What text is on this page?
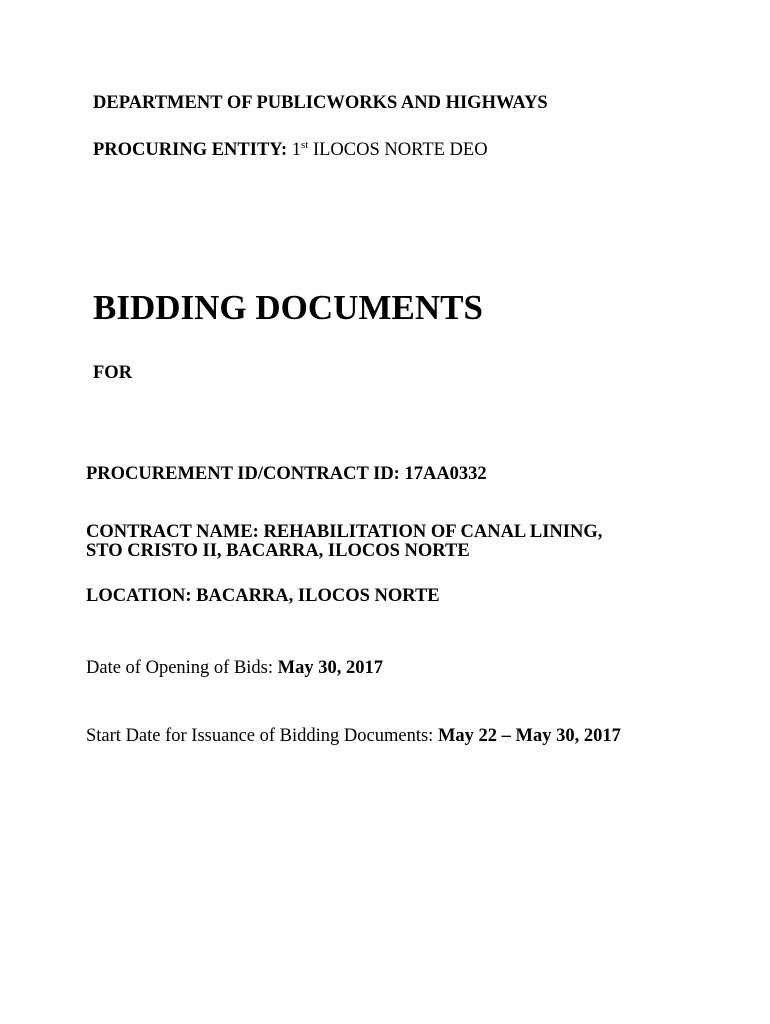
DEPARTMENT OF PUBLICWORKS AND HIGHWAYS
PROCURING ENTITY: 1st ILOCOS NORTE DEO
BIDDING DOCUMENTS
FOR
PROCUREMENT ID/CONTRACT ID: 17AA0332
CONTRACT NAME: REHABILITATION OF CANAL LINING,
STO CRISTO II, BACARRA, ILOCOS NORTE
LOCATION: BACARRA, ILOCOS NORTE
Date of Opening of Bids: May 30, 2017
Start Date for Issuance of Bidding Documents: May 22 – May 30, 2017
